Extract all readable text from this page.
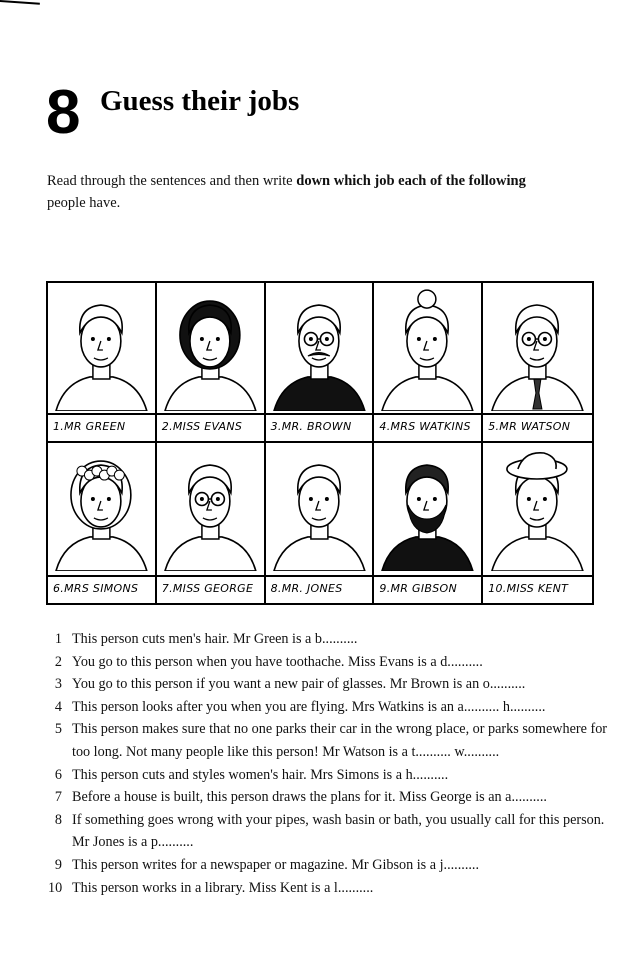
8 Guess their jobs
Read through the sentences and then write down which job each of the following
people have.
1.MR GREEN	2.MISS EVANS	3.MR. BROWN	4.MRS WATKINS	5.MR WATSON
6.MRS SIMONS	7.MISS GEORGE	8.MR. JONES	9.MR GIBSON	10.MISS KENT
1 This person cuts men's hair. Mr Green is a b..........
2 You go to this person when you have toothache. Miss Evans is a d..........
3 You go to this person if you want a new pair of glasses. Mr Brown is an o..........
4 This person looks after you when you are flying. Mrs Watkins is an a.......... h..........
5 This person makes sure that no one parks their car in the wrong place, or parks somewhere for too long. Not many people like this person! Mr Watson is a t.......... w..........
6 This person cuts and styles women's hair. Mrs Simons is a h..........
7 Before a house is built, this person draws the plans for it. Miss George is an a..........
8 If something goes wrong with your pipes, wash basin or bath, you usually call for this person. Mr Jones is a p..........
9 This person writes for a newspaper or magazine. Mr Gibson is a j..........
10 This person works in a library. Miss Kent is a l..........
